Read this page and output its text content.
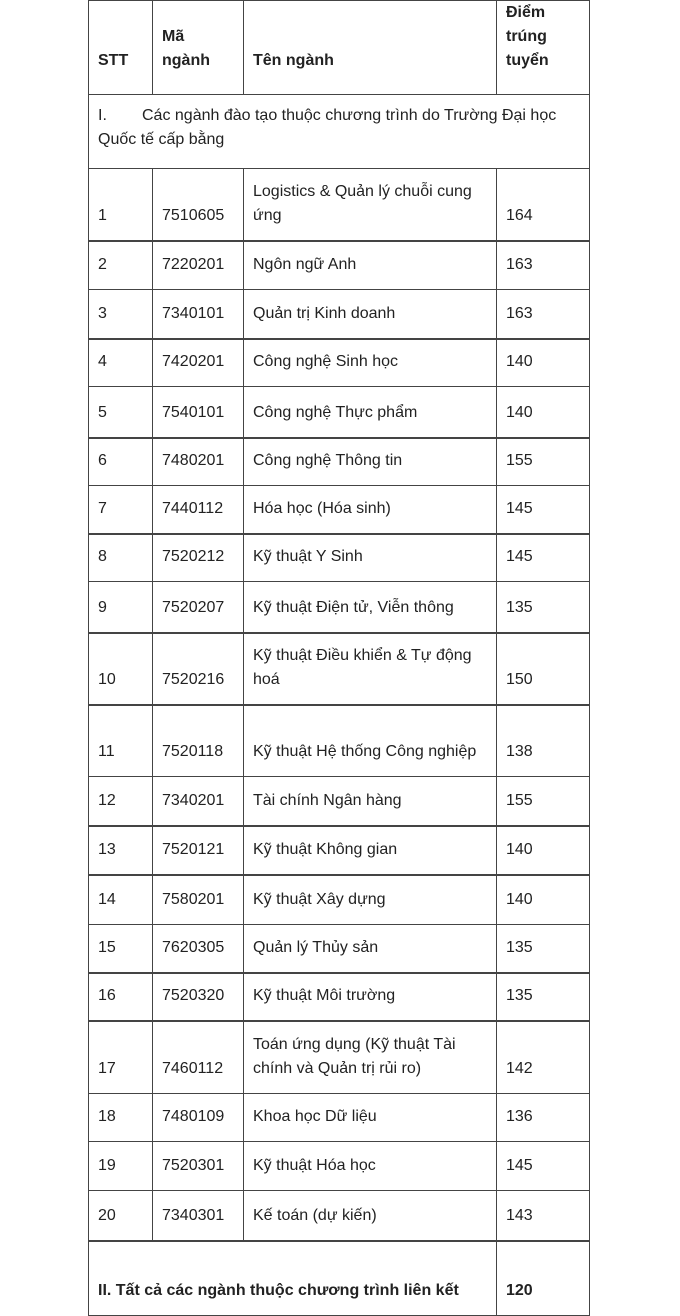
STT	Mã ngành	Tên ngành	Điểm trúng tuyển
I. Các ngành đào tạo thuộc chương trình do Trường Đại học Quốc tế cấp bằng			
1	7510605	Logistics & Quản lý chuỗi cung ứng	164
2	7220201	Ngôn ngữ Anh	163
3	7340101	Quản trị Kinh doanh	163
4	7420201	Công nghệ Sinh học	140
5	7540101	Công nghệ Thực phẩm	140
6	7480201	Công nghệ Thông tin	155
7	7440112	Hóa học (Hóa sinh)	145
8	7520212	Kỹ thuật Y Sinh	145
9	7520207	Kỹ thuật Điện tử, Viễn thông	135
10	7520216	Kỹ thuật Điều khiển & Tự động hoá	150
11	7520118	Kỹ thuật Hệ thống Công nghiệp	138
12	7340201	Tài chính Ngân hàng	155
13	7520121	Kỹ thuật Không gian	140
14	7580201	Kỹ thuật Xây dựng	140
15	7620305	Quản lý Thủy sản	135
16	7520320	Kỹ thuật Môi trường	135
17	7460112	Toán ứng dụng (Kỹ thuật Tài chính và Quản trị rủi ro)	142
18	7480109	Khoa học Dữ liệu	136
19	7520301	Kỹ thuật Hóa học	145
20	7340301	Kế toán (dự kiến)	143
II. Tất cả các ngành thuộc chương trình liên kết			120
